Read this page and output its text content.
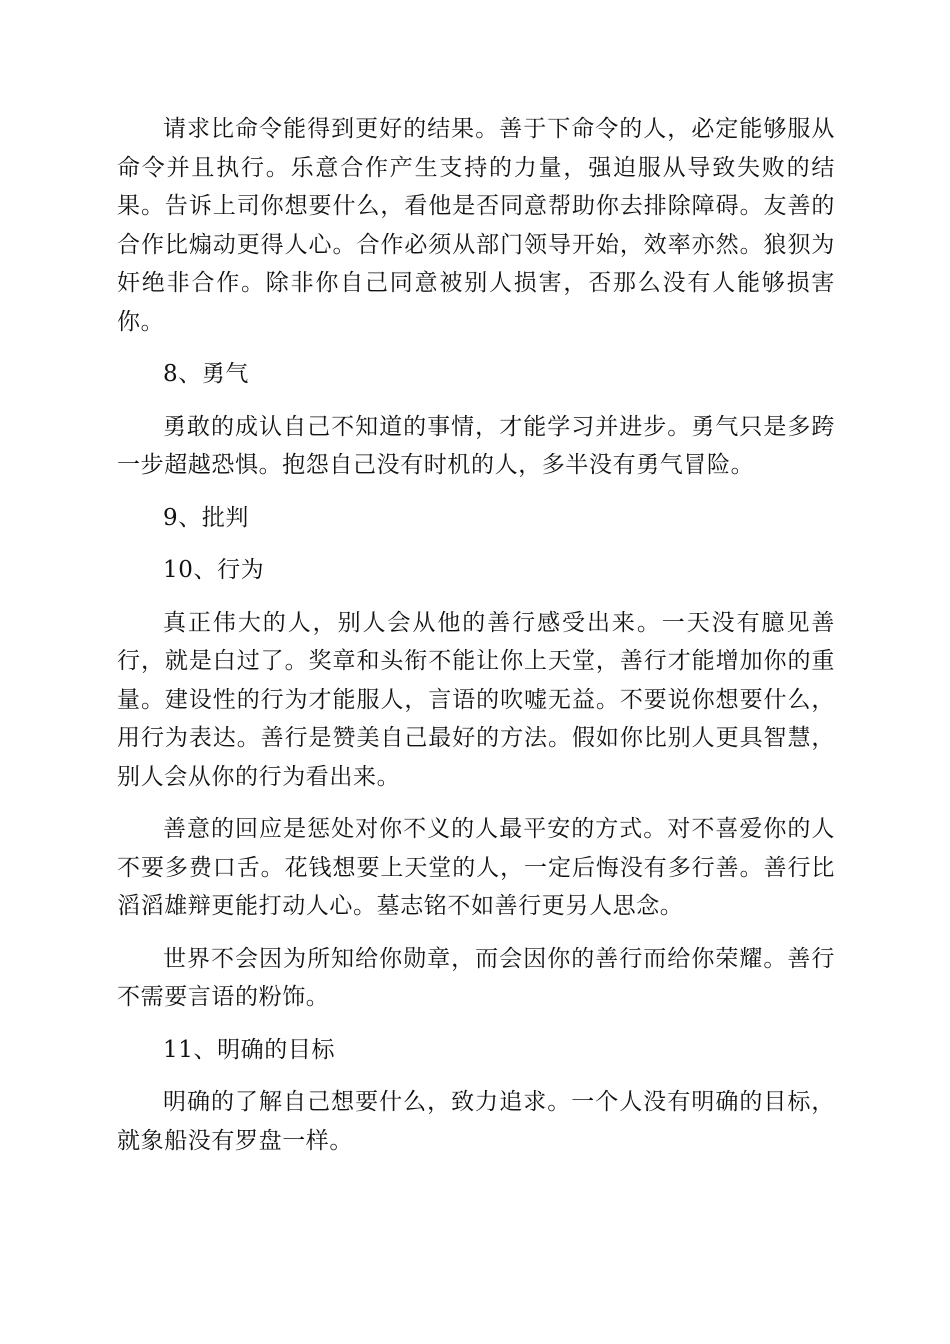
请求比命令能得到更好的结果。善于下命令的人，必定能够服从命令并且执行。乐意合作产生支持的力量，强迫服从导致失败的结果。告诉上司你想要什么，看他是否同意帮助你去排除障碍。友善的合作比煽动更得人心。合作必须从部门领导开始，效率亦然。狼狈为奸绝非合作。除非你自己同意被别人损害，否那么没有人能够损害你。

8、勇气

勇敢的成认自己不知道的事情，才能学习并进步。勇气只是多跨一步超越恐惧。抱怨自己没有时机的人，多半没有勇气冒险。

9、批判

10、行为

真正伟大的人，别人会从他的善行感受出来。一天没有臆见善行，就是白过了。奖章和头衔不能让你上天堂，善行才能增加你的重量。建设性的行为才能服人，言语的吹嘘无益。不要说你想要什么，用行为表达。善行是赞美自己最好的方法。假如你比别人更具智慧，别人会从你的行为看出来。

善意的回应是惩处对你不义的人最平安的方式。对不喜爱你的人不要多费口舌。花钱想要上天堂的人，一定后悔没有多行善。善行比滔滔雄辩更能打动人心。墓志铭不如善行更另人思念。

世界不会因为所知给你勋章，而会因你的善行而给你荣耀。善行不需要言语的粉饰。

11、明确的目标

明确的了解自己想要什么，致力追求。一个人没有明确的目标，就象船没有罗盘一样。
